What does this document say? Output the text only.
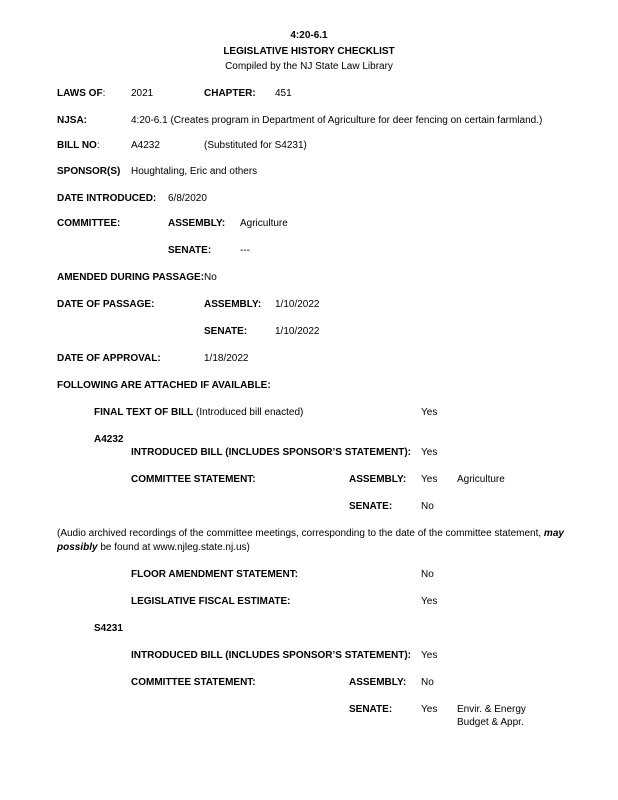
4:20-6.1
LEGISLATIVE HISTORY CHECKLIST
Compiled by the NJ State Law Library
LAWS OF:	2021	CHAPTER: 451
NJSA:	4:20-6.1 (Creates program in Department of Agriculture for deer fencing on certain farmland.)
BILL NO:	A4232	(Substituted for S4231)
SPONSOR(S) Houghtaling, Eric and others
DATE INTRODUCED: 6/8/2020
COMMITTEE:	ASSEMBLY: Agriculture
SENATE:	---
AMENDED DURING PASSAGE: No
DATE OF PASSAGE:	ASSEMBLY: 1/10/2022
SENATE:	1/10/2022
DATE OF APPROVAL:	1/18/2022
FOLLOWING ARE ATTACHED IF AVAILABLE:
FINAL TEXT OF BILL (Introduced bill enacted)	Yes
A4232
INTRODUCED BILL (INCLUDES SPONSOR’S STATEMENT): Yes
COMMITTEE STATEMENT:	ASSEMBLY: Yes Agriculture
SENATE:	No
(Audio archived recordings of the committee meetings, corresponding to the date of the committee statement, may
possibly be found at www.njleg.state.nj.us)
FLOOR AMENDMENT STATEMENT:	No
LEGISLATIVE FISCAL ESTIMATE:	Yes
S4231
INTRODUCED BILL (INCLUDES SPONSOR’S STATEMENT): Yes
COMMITTEE STATEMENT:	ASSEMBLY: No
SENATE:	Yes Envir. & Energy
Budget & Appr.
